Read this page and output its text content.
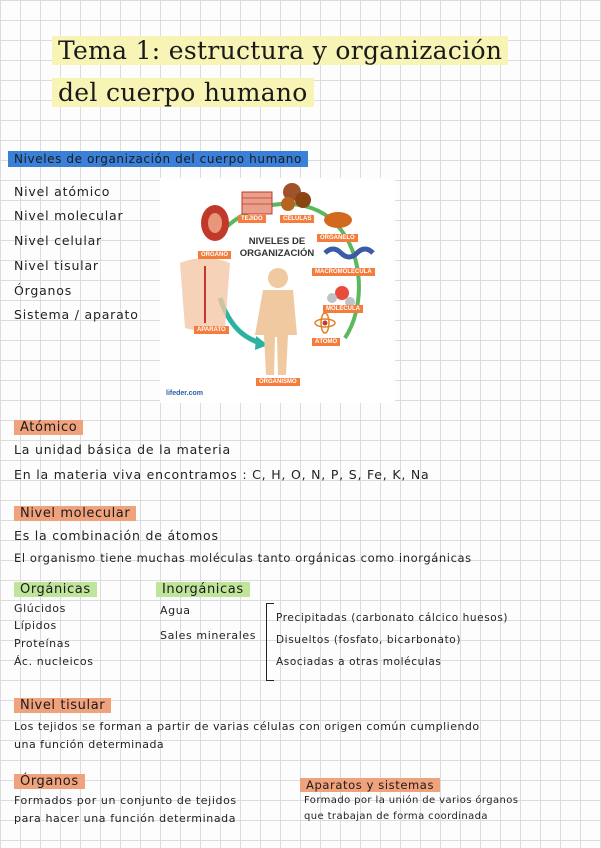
Tema 1: estructura y organización
del cuerpo humano
Niveles de organización del cuerpo humano
Nivel atómico
Nivel molecular
Nivel celular
Nivel tisular
Órganos
Sistema / aparato
NIVELES DE ORGANIZACIÓN
TEJIDO	CÉLULAS
ORGANELO
ÓRGANO
MACROMOLÉCULA
MOLÉCULA
APARATO
ÁTOMO
ORGANISMO
lifeder.com
Atómico
La unidad básica de la materia
En la materia viva encontramos : C, H, O, N, P, S, Fe, K, Na
Nivel molecular
Es la combinación de átomos
El organismo tiene muchas moléculas tanto orgánicas como inorgánicas
Orgánicas
Glúcidos
Lípidos
Proteínas
Ác. nucleicos
Inorgánicas
Agua
Sales minerales
Precipitadas (carbonato cálcico huesos)
Disueltos (fosfato, bicarbonato)
Asociadas a otras moléculas
Nivel tisular
Los tejidos se forman a partir de varias células con origen común cumpliendo
una función determinada
Órganos
Formados por un conjunto de tejidos
para hacer una función determinada
Aparatos y sistemas
Formado por la unión de varios órganos
que trabajan de forma coordinada
